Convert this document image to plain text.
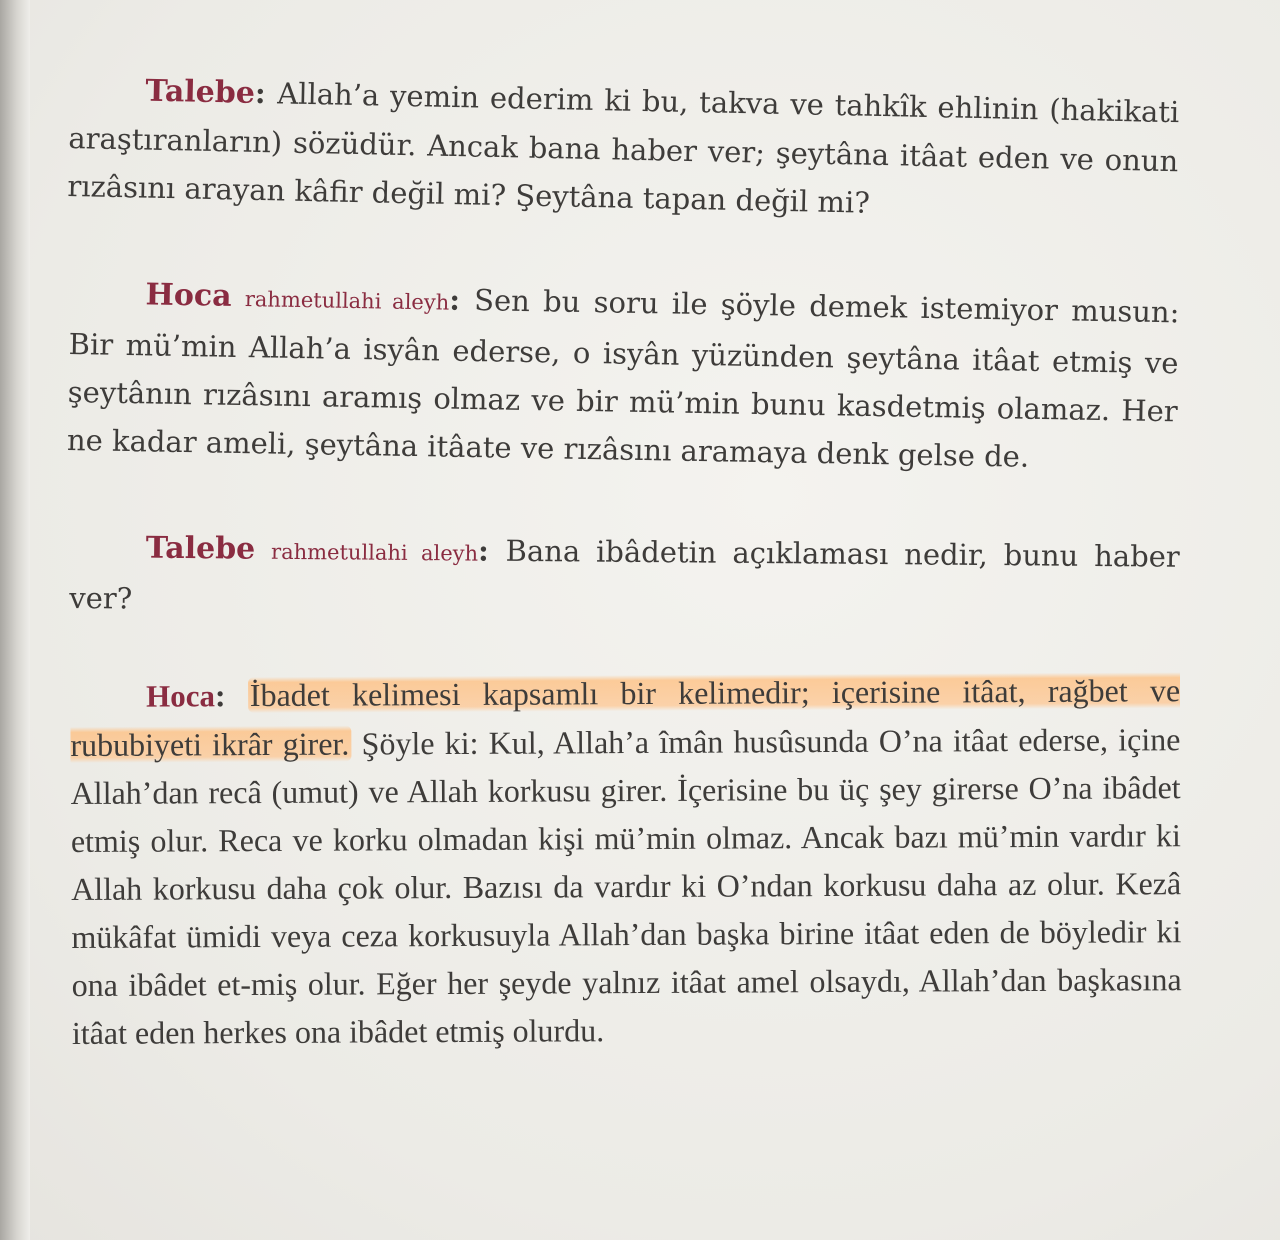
Talebe: Allah’a yemin ederim ki bu, takva ve tahkîk ehlinin (hakikati araştıranların) sözüdür. Ancak bana haber ver; şeytâna itâat eden ve onun rızâsını arayan kâfir değil mi? Şeytâna tapan değil mi?

Hoca rahmetullahi aleyh: Sen bu soru ile şöyle demek istemiyor musun: Bir mü’min Allah’a isyân ederse, o isyân yüzünden şeytâna itâat etmiş ve şeytânın rızâsını aramış olmaz ve bir mü’min bunu kasdetmiş olamaz. Her ne kadar ameli, şeytâna itâate ve rızâsını aramaya denk gelse de.

Talebe rahmetullahi aleyh: Bana ibâdetin açıklaması nedir, bunu haber ver?

Hoca: İbadet kelimesi kapsamlı bir kelimedir; içerisine itâat, rağbet ve rububiyeti ikrâr girer. Şöyle ki: Kul, Allah’a îmân husûsunda O’na itâat ederse, içine Allah’dan recâ (umut) ve Allah korkusu girer. İçerisine bu üç şey girerse O’na ibâdet etmiş olur. Reca ve korku olmadan kişi mü’min olmaz. Ancak bazı mü’min vardır ki Allah korkusu daha çok olur. Bazısı da vardır ki O’ndan korkusu daha az olur. Kezâ mükâfat ümidi veya ceza korkusuyla Allah’dan başka birine itâat eden de böyledir ki ona ibâdet et-miş olur. Eğer her şeyde yalnız itâat amel olsaydı, Allah’dan başkasına itâat eden herkes ona ibâdet etmiş olurdu.
